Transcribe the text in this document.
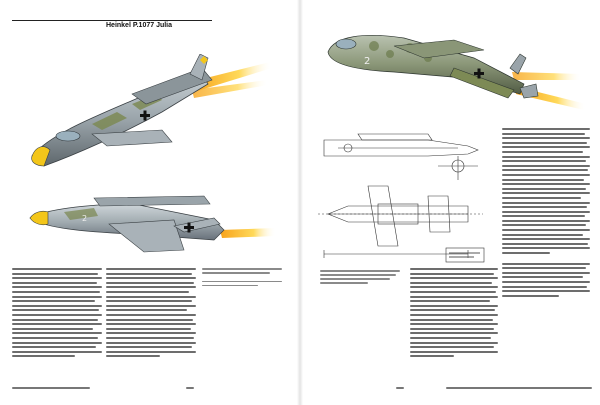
Heinkel P.1077 Julia
2
2
